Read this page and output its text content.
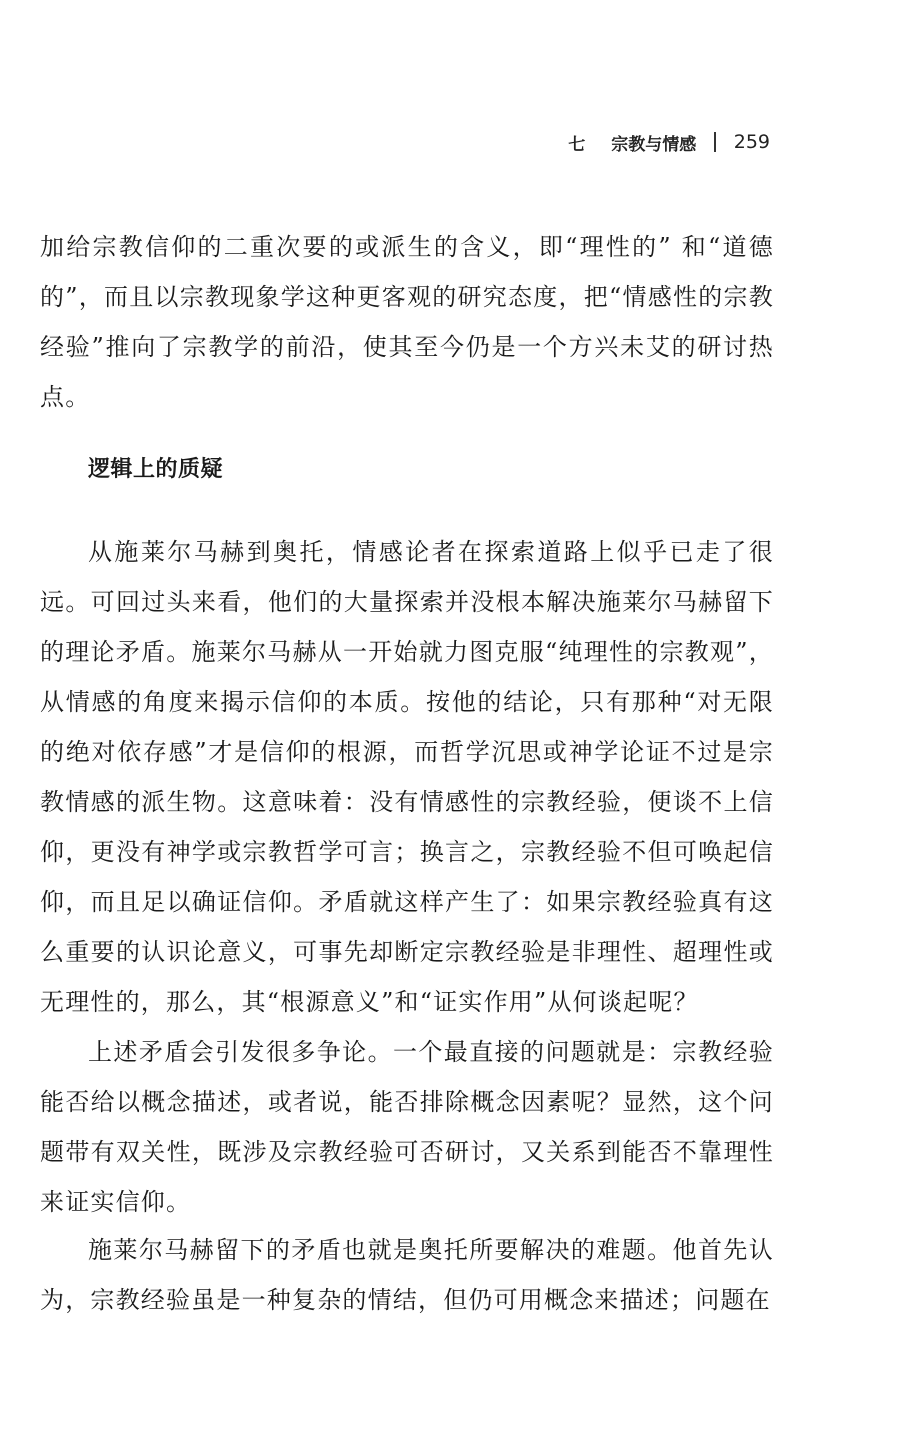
七 宗教与情感 259

加给宗教信仰的二重次要的或派生的含义，即“理性的” 和“道德的”，而且以宗教现象学这种更客观的研究态度，把“情感性的宗教经验”推向了宗教学的前沿，使其至今仍是一个方兴未艾的研讨热点。

逻辑上的质疑

从施莱尔马赫到奥托，情感论者在探索道路上似乎已走了很远。可回过头来看，他们的大量探索并没根本解决施莱尔马赫留下的理论矛盾。施莱尔马赫从一开始就力图克服“纯理性的宗教观”，从情感的角度来揭示信仰的本质。按他的结论，只有那种“对无限的绝对依存感”才是信仰的根源，而哲学沉思或神学论证不过是宗教情感的派生物。这意味着：没有情感性的宗教经验，便谈不上信仰，更没有神学或宗教哲学可言；换言之，宗教经验不但可唤起信仰，而且足以确证信仰。矛盾就这样产生了：如果宗教经验真有这么重要的认识论意义，可事先却断定宗教经验是非理性、超理性或无理性的，那么，其“根源意义”和“证实作用”从何谈起呢？

上述矛盾会引发很多争论。一个最直接的问题就是：宗教经验能否给以概念描述，或者说，能否排除概念因素呢？显然，这个问题带有双关性，既涉及宗教经验可否研讨，又关系到能否不靠理性来证实信仰。

施莱尔马赫留下的矛盾也就是奥托所要解决的难题。他首先认为，宗教经验虽是一种复杂的情结，但仍可用概念来描述；问题在
